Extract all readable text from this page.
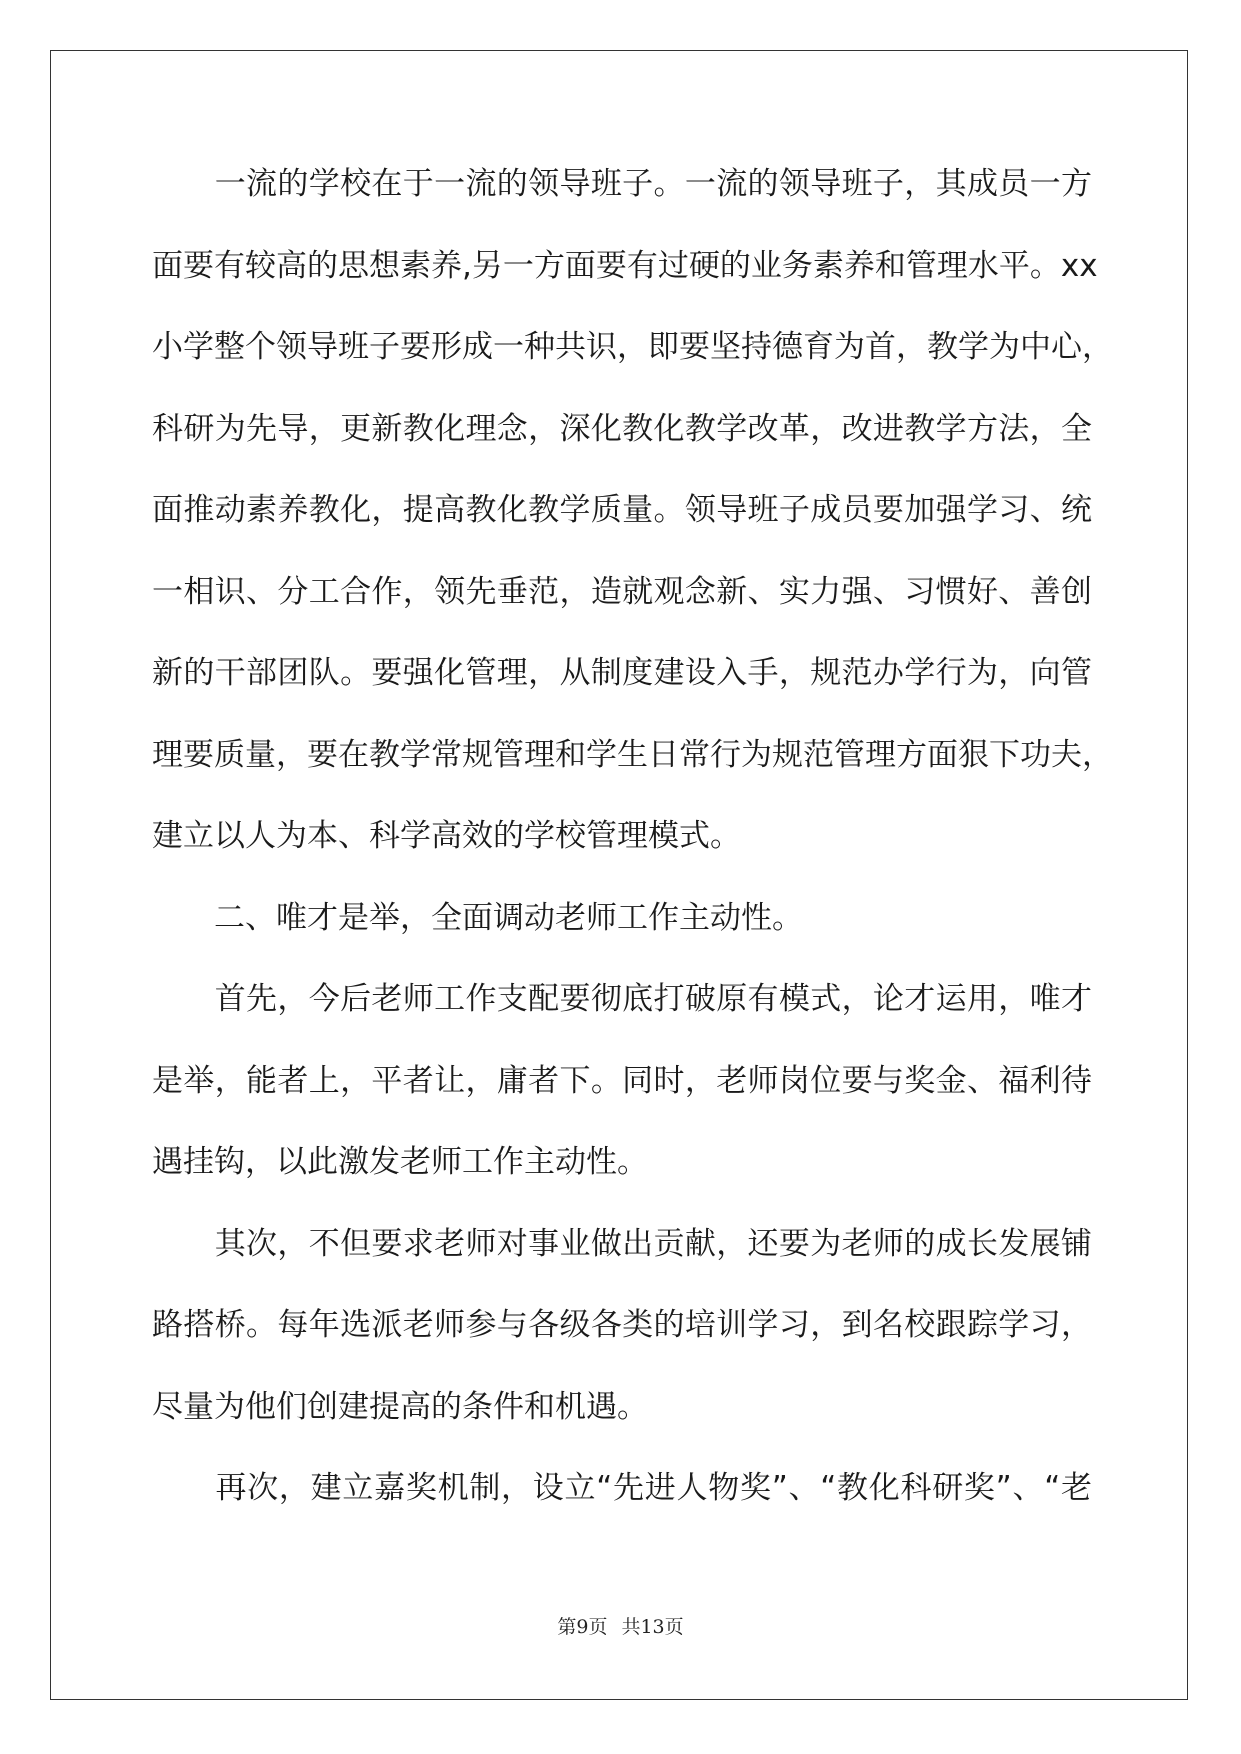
　　一流的学校在于一流的领导班子。一流的领导班子，其成员一方
面要有较高的思想素养,另一方面要有过硬的业务素养和管理水平。xx
小学整个领导班子要形成一种共识，即要坚持德育为首，教学为中心，
科研为先导，更新教化理念，深化教化教学改革，改进教学方法，全
面推动素养教化，提高教化教学质量。领导班子成员要加强学习、统
一相识、分工合作，领先垂范，造就观念新、实力强、习惯好、善创
新的干部团队。要强化管理，从制度建设入手，规范办学行为，向管
理要质量，要在教学常规管理和学生日常行为规范管理方面狠下功夫，
建立以人为本、科学高效的学校管理模式。
　　二、唯才是举，全面调动老师工作主动性。
　　首先，今后老师工作支配要彻底打破原有模式，论才运用，唯才
是举，能者上，平者让，庸者下。同时，老师岗位要与奖金、福利待
遇挂钩，以此激发老师工作主动性。
　　其次，不但要求老师对事业做出贡献，还要为老师的成长发展铺
路搭桥。每年选派老师参与各级各类的培训学习，到名校跟踪学习，
尽量为他们创建提高的条件和机遇。
　　再次，建立嘉奖机制，设立“先进人物奖”、“教化科研奖”、“老
第9页 共13页
